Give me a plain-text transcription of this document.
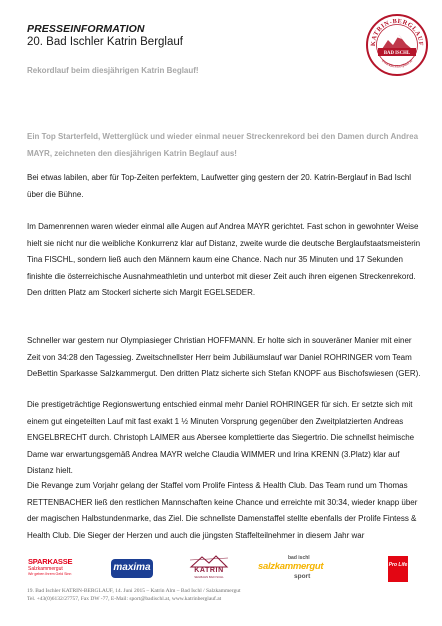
PRESSEINFORMATION
20. Bad Ischler Katrin Berglauf	KATRIN-BERGLAUF
BAD ISCHL
www.katrinberglauf.at
Rekordlauf beim diesjährigen Katrin Beglauf!
Ein Top Starterfeld, Wetterglück und wieder einmal neuer Streckenrekord bei den Damen durch Andrea MAYR, zeichneten den diesjährigen Katrin Beglauf aus!
Bei etwas labilen, aber für Top-Zeiten perfektem, Laufwetter ging gestern der 20. Katrin-Berglauf in Bad Ischl über die Bühne.
Im Damenrennen waren wieder einmal alle Augen auf Andrea MAYR gerichtet. Fast schon in gewohnter Weise hielt sie nicht nur die weibliche Konkurrenz klar auf Distanz, zweite wurde die deutsche Berglaufstaatsmeisterin Tina FISCHL, sondern ließ auch den Männern kaum eine Chance. Nach nur 35 Minuten und 17 Sekunden finishte die österreichische Ausnahmeathletin und unterbot mit dieser Zeit auch ihren eigenen Streckenrekord. Den dritten Platz am Stockerl sicherte sich Margit EGELSEDER.
Schneller war gestern nur Olympiasieger Christian HOFFMANN. Er holte sich in souveräner Manier mit einer Zeit von 34:28 den Tagessieg. Zweitschnellster Herr beim Jubiläumslauf war Daniel ROHRINGER vom Team DeBettin Sparkasse Salzkammergut. Den dritten Platz sicherte sich Stefan KNOPF aus Bischofswiesen (GER).
Die prestigeträchtige Regionswertung entschied einmal mehr Daniel ROHRINGER für sich. Er setzte sich mit einem gut eingeteilten Lauf mit fast exakt 1 ½ Minuten Vorsprung gegenüber den Zweitplatzierten Andreas ENGELBRECHT durch. Christoph LAIMER aus Abersee komplettierte das Siegertrio. Die schnellst heimische Dame war erwartungsgemäß Andrea MAYR welche Claudia WIMMER und Irina KRENN (3.Platz) klar auf Distanz hielt.
Die Revange zum Vorjahr gelang der Staffel vom Prolife Fintess & Health Club. Das Team rund um Thomas RETTENBACHER ließ den restlichen Mannschaften keine Chance und erreichte mit 30:34, wieder knapp über der magischen Halbstundenmarke, das Ziel. Die schnellste Damenstaffel stellte ebenfalls der Prolife Fintess & Health Club. Die Sieger der Herzen und auch die jüngsten Staffelteilnehmer in diesem Jahr war
SPARKASSE
Salzkammergut
Wir geben Ihrem Geld Sinn
maxima	KATRIN
SEILBAHN BAD ISCHL
bad ischl
salzkammergut
sport
Pro Life
19. Bad Ischler KATRIN-BERGLAUF, 14. Juni 2015 – Katrin Alm – Bad Ischl / Salzkammergut
Tel. +43(0)6132/27757, Fax DW -77, E-Mail: sport@badischl.at, www.katrinberglauf.at
